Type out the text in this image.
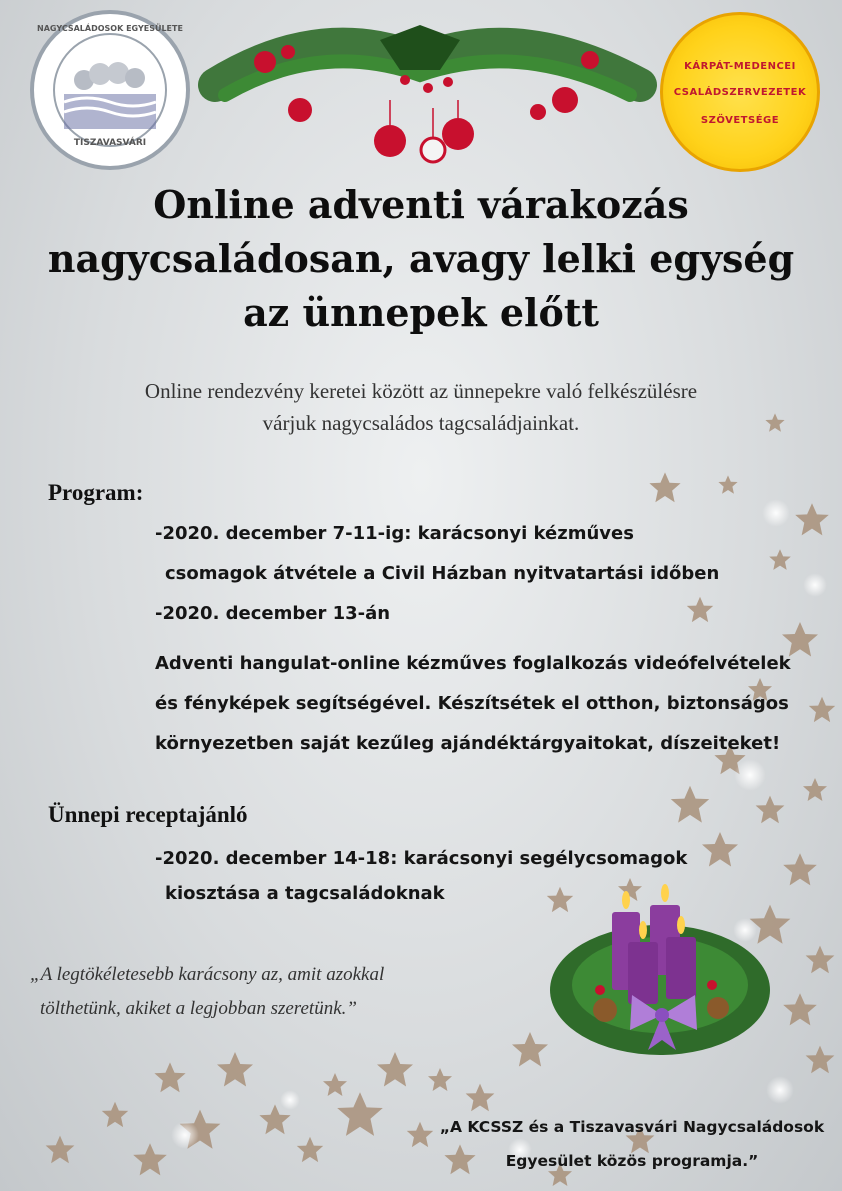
NAGYCSALÁDOSOK EGYESÜLETE
TISZAVASVÁRI
KÁRPÁT-MEDENCEI
CSALÁDSZERVEZETEK
SZÖVETSÉGE
Online adventi várakozás
nagycsaládosan, avagy lelki egység
az ünnepek előtt
Online rendezvény keretei között az ünnepekre való felkészülésre
várjuk nagycsaládos tagcsaládjainkat.
Program:
-2020. december 7-11-ig: karácsonyi kézműves
csomagok átvétele a Civil Házban nyitvatartási időben
-2020. december 13-án
Adventi hangulat-online kézműves foglalkozás videófelvételek
és fényképek segítségével. Készítsétek el otthon, biztonságos
környezetben saját kezűleg ajándéktárgyaitokat, díszeiteket!
Ünnepi receptajánló
-2020. december 14-18: karácsonyi segélycsomagok
kiosztása a tagcsaládoknak
„A legtökéletesebb karácsony az, amit azokkal
tölthetünk, akiket a legjobban szeretünk.”
„A KCSSZ és a Tiszavasvári Nagycsaládosok
Egyesület közös programja.”
